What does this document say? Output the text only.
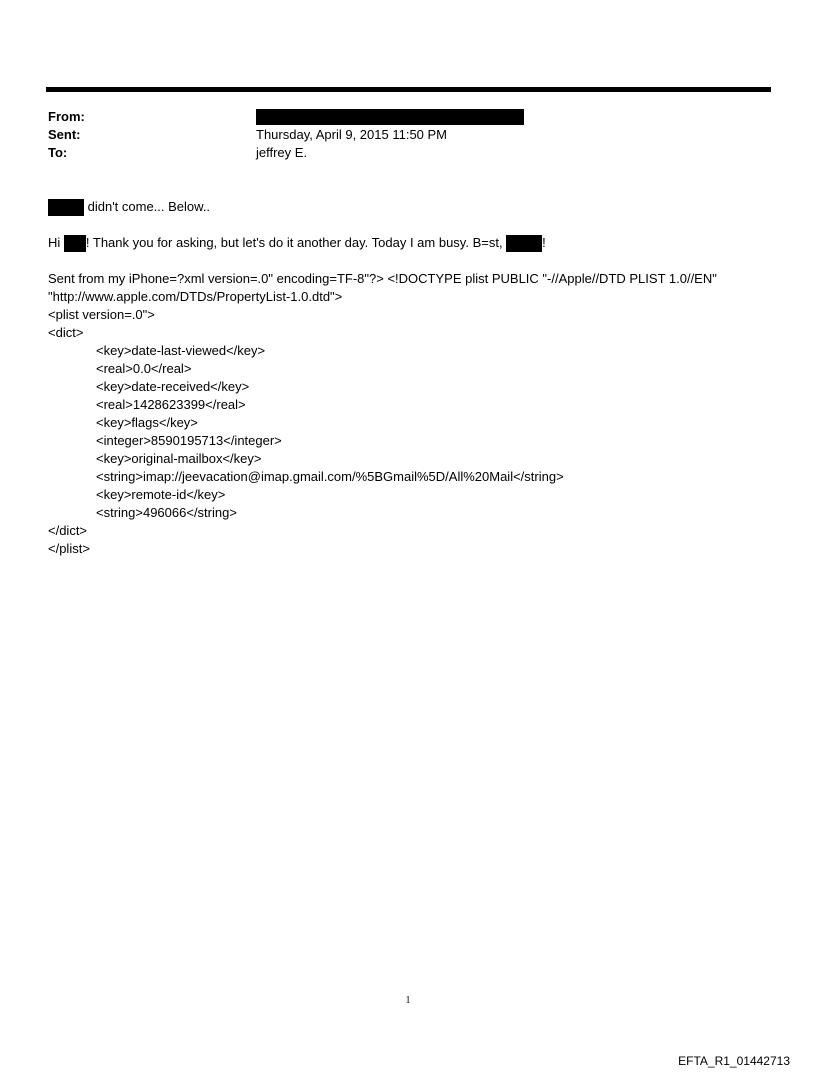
From:
Sent:	Thursday, April 9, 2015 11:50 PM
To:	jeffrey E.
didn't come... Below..
Hi ! Thank you for asking, but let's do it another day. Today I am busy. B=st,	!
Sent from my iPhone=?xml version=.0" encoding=TF-8"?> <!DOCTYPE plist PUBLIC "-//Apple//DTD PLIST 1.0//EN"
"http://www.apple.com/DTDs/PropertyList-1.0.dtd">
<plist version=.0">
<dict>
<key>date-last-viewed</key>
<real>0.0</real>
<key>date-received</key>
<real>1428623399</real>
<key>flags</key>
<integer>8590195713</integer>
<key>original-mailbox</key>
<string>imap://jeevacation@imap.gmail.com/%5BGmail%5D/All%20Mail</string>
<key>remote-id</key>
<string>496066</string>
</dict>
</plist>
1
EFTA_R1_01442713
